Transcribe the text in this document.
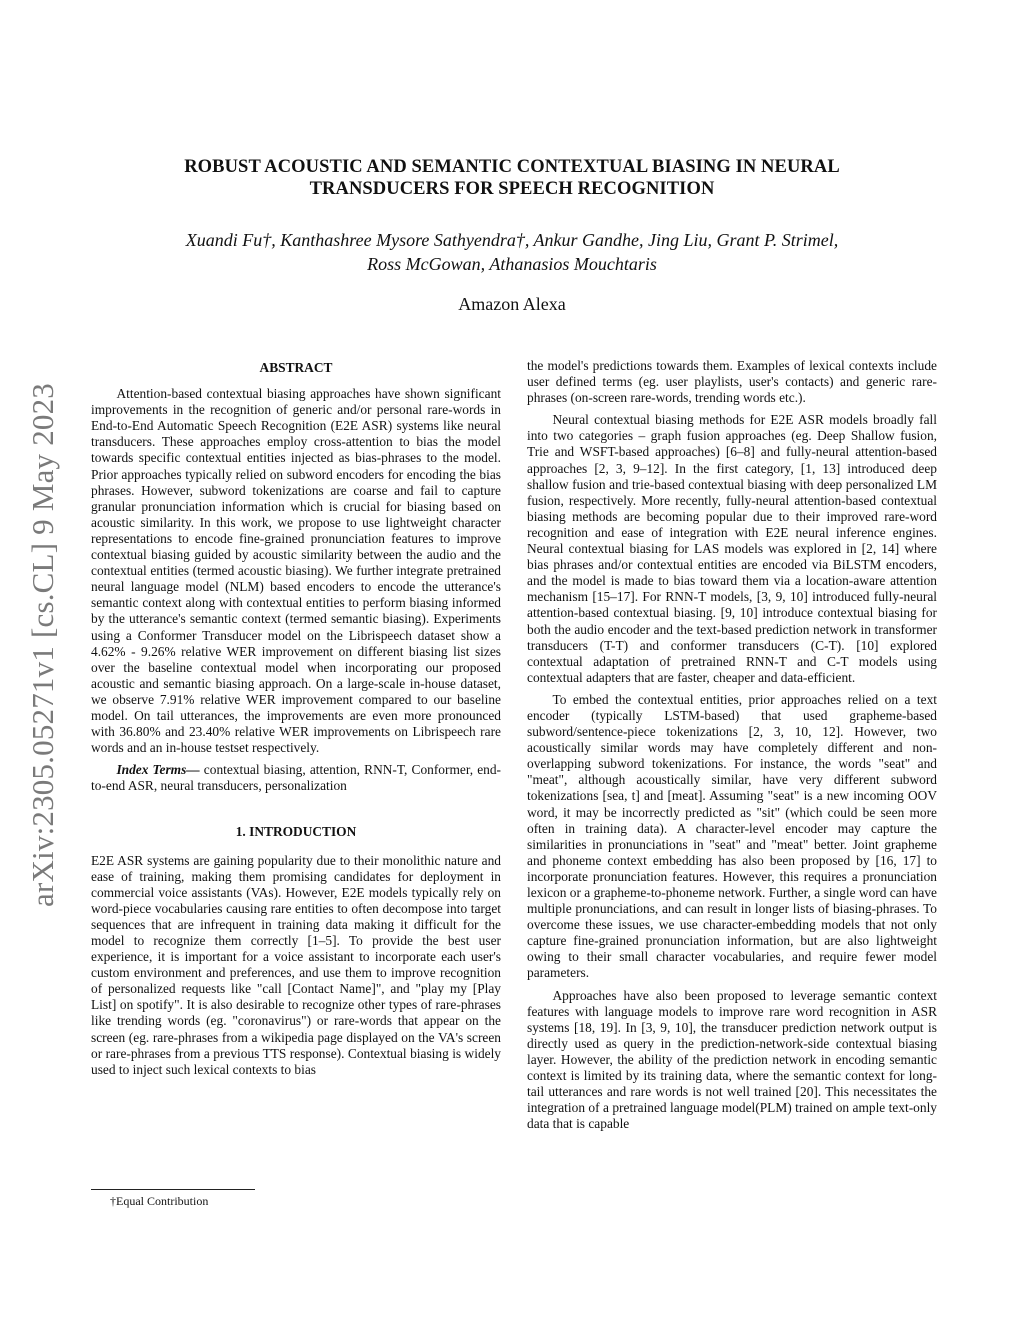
arXiv:2305.05271v1 [cs.CL] 9 May 2023
ROBUST ACOUSTIC AND SEMANTIC CONTEXTUAL BIASING IN NEURAL
TRANSDUCERS FOR SPEECH RECOGNITION
Xuandi Fu†, Kanthashree Mysore Sathyendra†, Ankur Gandhe, Jing Liu, Grant P. Strimel,
Ross McGowan, Athanasios Mouchtaris
Amazon Alexa
ABSTRACT

Attention-based contextual biasing approaches have shown significant improvements in the recognition of generic and/or personal rare-words in End-to-End Automatic Speech Recognition (E2E ASR) systems like neural transducers. These approaches employ cross-attention to bias the model towards specific contextual entities injected as bias-phrases to the model. Prior approaches typically relied on subword encoders for encoding the bias phrases. However, subword tokenizations are coarse and fail to capture granular pronunciation information which is crucial for biasing based on acoustic similarity. In this work, we propose to use lightweight character representations to encode fine-grained pronunciation features to improve contextual biasing guided by acoustic similarity between the audio and the contextual entities (termed acoustic biasing). We further integrate pretrained neural language model (NLM) based encoders to encode the utterance's semantic context along with contextual entities to perform biasing informed by the utterance's semantic context (termed semantic biasing). Experiments using a Conformer Transducer model on the Librispeech dataset show a 4.62% - 9.26% relative WER improvement on different biasing list sizes over the baseline contextual model when incorporating our proposed acoustic and semantic biasing approach. On a large-scale in-house dataset, we observe 7.91% relative WER improvement compared to our baseline model. On tail utterances, the improvements are even more pronounced with 36.80% and 23.40% relative WER improvements on Librispeech rare words and an in-house testset respectively.

Index Terms— contextual biasing, attention, RNN-T, Conformer, end-to-end ASR, neural transducers, personalization

1. INTRODUCTION

E2E ASR systems are gaining popularity due to their monolithic nature and ease of training, making them promising candidates for deployment in commercial voice assistants (VAs). However, E2E models typically rely on word-piece vocabularies causing rare entities to often decompose into target sequences that are infrequent in training data making it difficult for the model to recognize them correctly [1–5]. To provide the best user experience, it is important for a voice assistant to incorporate each user's custom environment and preferences, and use them to improve recognition of personalized requests like "call [Contact Name]", and "play my [Play List] on spotify". It is also desirable to recognize other types of rare-phrases like trending words (eg. "coronavirus") or rare-words that appear on the screen (eg. rare-phrases from a wikipedia page displayed on the VA's screen or rare-phrases from a previous TTS response). Contextual biasing is widely used to inject such lexical contexts to bias

the model's predictions towards them. Examples of lexical contexts include user defined terms (eg. user playlists, user's contacts) and generic rare-phrases (on-screen rare-words, trending words etc.).

Neural contextual biasing methods for E2E ASR models broadly fall into two categories – graph fusion approaches (eg. Deep Shallow fusion, Trie and WSFT-based approaches) [6–8] and fully-neural attention-based approaches [2, 3, 9–12]. In the first category, [1, 13] introduced deep shallow fusion and trie-based contextual biasing with deep personalized LM fusion, respectively. More recently, fully-neural attention-based contextual biasing methods are becoming popular due to their improved rare-word recognition and ease of integration with E2E neural inference engines. Neural contextual biasing for LAS models was explored in [2, 14] where bias phrases and/or contextual entities are encoded via BiLSTM encoders, and the model is made to bias toward them via a location-aware attention mechanism [15–17]. For RNN-T models, [3, 9, 10] introduced fully-neural attention-based contextual biasing. [9, 10] introduce contextual biasing for both the audio encoder and the text-based prediction network in transformer transducers (T-T) and conformer transducers (C-T). [10] explored contextual adaptation of pretrained RNN-T and C-T models using contextual adapters that are faster, cheaper and data-efficient.

To embed the contextual entities, prior approaches relied on a text encoder (typically LSTM-based) that used grapheme-based subword/sentence-piece tokenizations [2, 3, 10, 12]. However, two acoustically similar words may have completely different and non-overlapping subword tokenizations. For instance, the words "seat" and "meat", although acoustically similar, have very different subword tokenizations [sea, t] and [meat]. Assuming "seat" is a new incoming OOV word, it may be incorrectly predicted as "sit" (which could be seen more often in training data). A character-level encoder may capture the similarities in pronunciations in "seat" and "meat" better. Joint grapheme and phoneme context embedding has also been proposed by [16, 17] to incorporate pronunciation features. However, this requires a pronunciation lexicon or a grapheme-to-phoneme network. Further, a single word can have multiple pronunciations, and can result in longer lists of biasing-phrases. To overcome these issues, we use character-embedding models that not only capture fine-grained pronunciation information, but are also lightweight owing to their small character vocabularies, and require fewer model parameters.

Approaches have also been proposed to leverage semantic context features with language models to improve rare word recognition in ASR systems [18, 19]. In [3, 9, 10], the transducer prediction network output is directly used as query in the prediction-network-side contextual biasing layer. However, the ability of the prediction network in encoding semantic context is limited by its training data, where the semantic context for long-tail utterances and rare words is not well trained [20]. This necessitates the integration of a pretrained language model(PLM) trained on ample text-only data that is capable

†Equal Contribution
